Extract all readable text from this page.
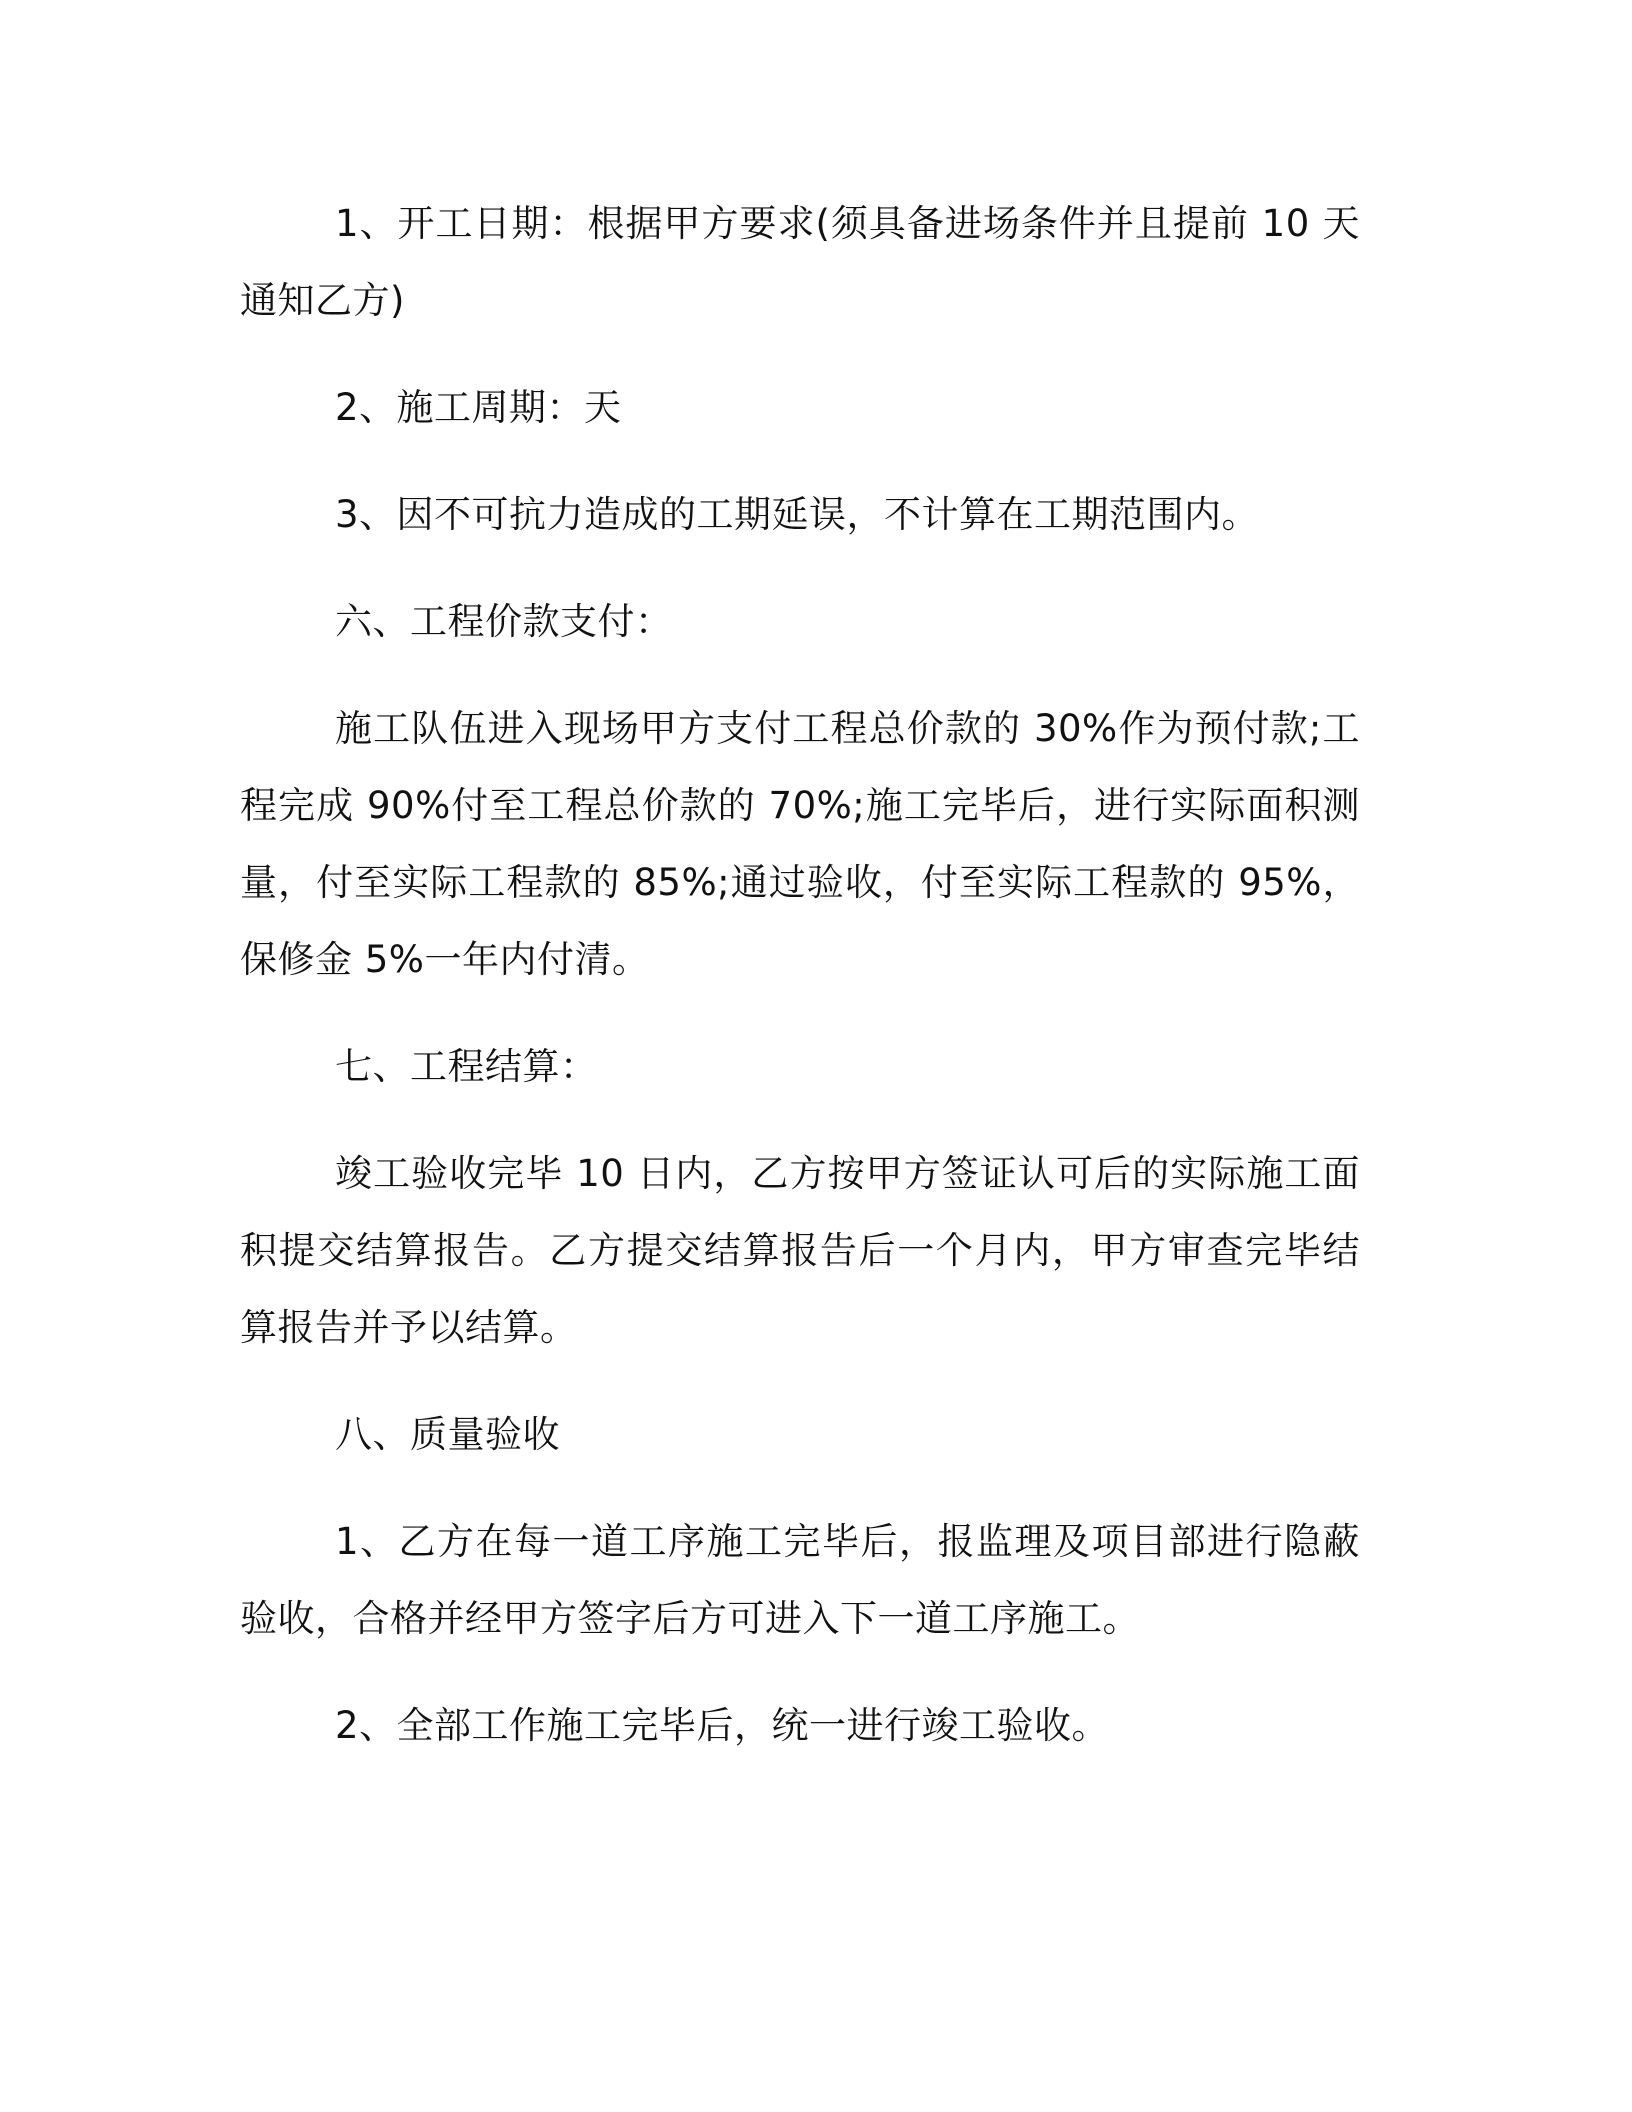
1、开工日期：根据甲方要求(须具备进场条件并且提前 10 天通知乙方)

2、施工周期：天

3、因不可抗力造成的工期延误，不计算在工期范围内。

六、工程价款支付：

施工队伍进入现场甲方支付工程总价款的 30%作为预付款;工程完成 90%付至工程总价款的 70%;施工完毕后，进行实际面积测量，付至实际工程款的 85%;通过验收，付至实际工程款的 95%，保修金 5%一年内付清。

七、工程结算：

竣工验收完毕 10 日内，乙方按甲方签证认可后的实际施工面积提交结算报告。乙方提交结算报告后一个月内，甲方审查完毕结算报告并予以结算。

八、质量验收

1、乙方在每一道工序施工完毕后，报监理及项目部进行隐蔽验收，合格并经甲方签字后方可进入下一道工序施工。

2、全部工作施工完毕后，统一进行竣工验收。
